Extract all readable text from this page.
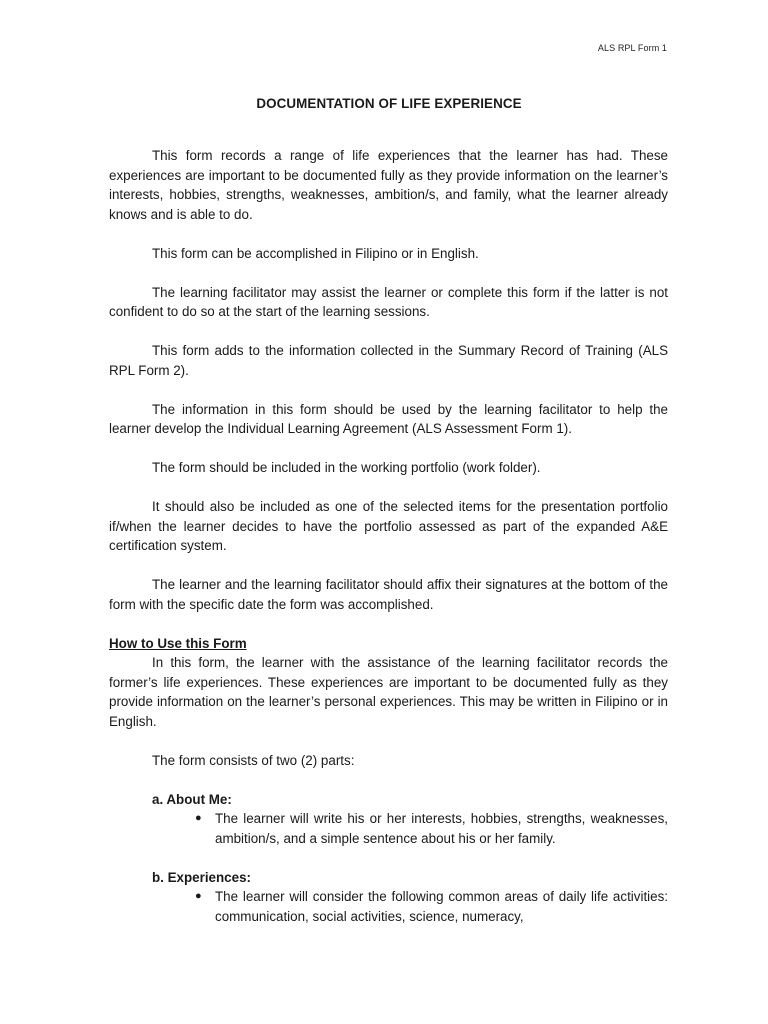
ALS RPL Form 1
DOCUMENTATION OF LIFE EXPERIENCE

This form records a range of life experiences that the learner has had. These experiences are important to be documented fully as they provide information on the learner’s interests, hobbies, strengths, weaknesses, ambition/s, and family, what the learner already knows and is able to do.

This form can be accomplished in Filipino or in English.

The learning facilitator may assist the learner or complete this form if the latter is not confident to do so at the start of the learning sessions.

This form adds to the information collected in the Summary Record of Training (ALS RPL Form 2).

The information in this form should be used by the learning facilitator to help the learner develop the Individual Learning Agreement (ALS Assessment Form 1).

The form should be included in the working portfolio (work folder).

It should also be included as one of the selected items for the presentation portfolio if/when the learner decides to have the portfolio assessed as part of the expanded A&E certification system.

The learner and the learning facilitator should affix their signatures at the bottom of the form with the specific date the form was accomplished.

How to Use this Form

In this form, the learner with the assistance of the learning facilitator records the former’s life experiences. These experiences are important to be documented fully as they provide information on the learner’s personal experiences. This may be written in Filipino or in English.

The form consists of two (2) parts:

a. About Me:

● The learner will write his or her interests, hobbies, strengths, weaknesses, ambition/s, and a simple sentence about his or her family.

b. Experiences:

● The learner will consider the following common areas of daily life activities: communication, social activities, science, numeracy,
